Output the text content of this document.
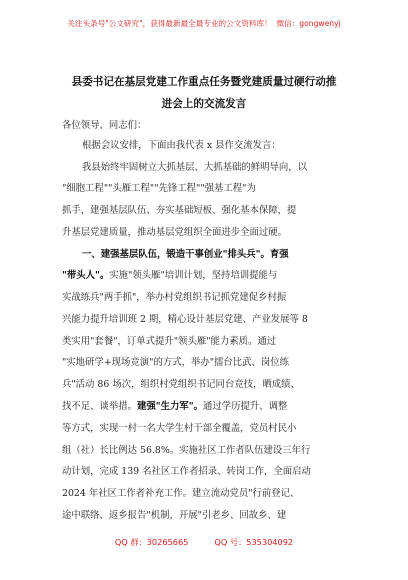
关注头条号"公文研究"，获得最新最全最专业的公文资料库！ 微信：gongwenyj
县委书记在基层党建工作重点任务暨党建质量过硬行动推
进会上的交流发言
各位领导、同志们：
根据会议安排，下面由我代表 x 县作交流发言：
我县始终牢固树立大抓基层、大抓基础的鲜明导向，以
"细胞工程""头雁工程""先锋工程""强基工程"为
抓手，建强基层队伍、夯实基础短板、强化基本保障，提
升基层党建质量，推动基层党组织全面进步全面过硬。
一、建强基层队伍，锻造干事创业"排头兵"。育强
"带头人"。实施"领头雁"培训计划，坚持培训提能与
实战练兵"两手抓"，举办村党组织书记抓党建促乡村振
兴能力提升培训班 2 期，精心设计基层党建、产业发展等 8
类实用"套餐"，订单式提升"领头雁"能力素质。通过
"实地研学+现场竞演"的方式，举办"擂台比武、岗位练
兵"活动 86 场次，组织村党组织书记同台竞技，晒成绩、
找不足、谈举措。建强"生力军"。通过学历提升、调整
等方式，实现一村一名大学生村干部全覆盖，党员村民小
组（社）长比例达 56.8%。实施社区工作者队伍建设三年行
动计划，完成 139 名社区工作者招录、转岗工作，全面启动
2024 年社区工作者补充工作。建立流动党员"行前登记、
途中联络、返乡报告"机制，开展"引老乡、回故乡、建
QQ 群：30265665	QQ 号：535304092
